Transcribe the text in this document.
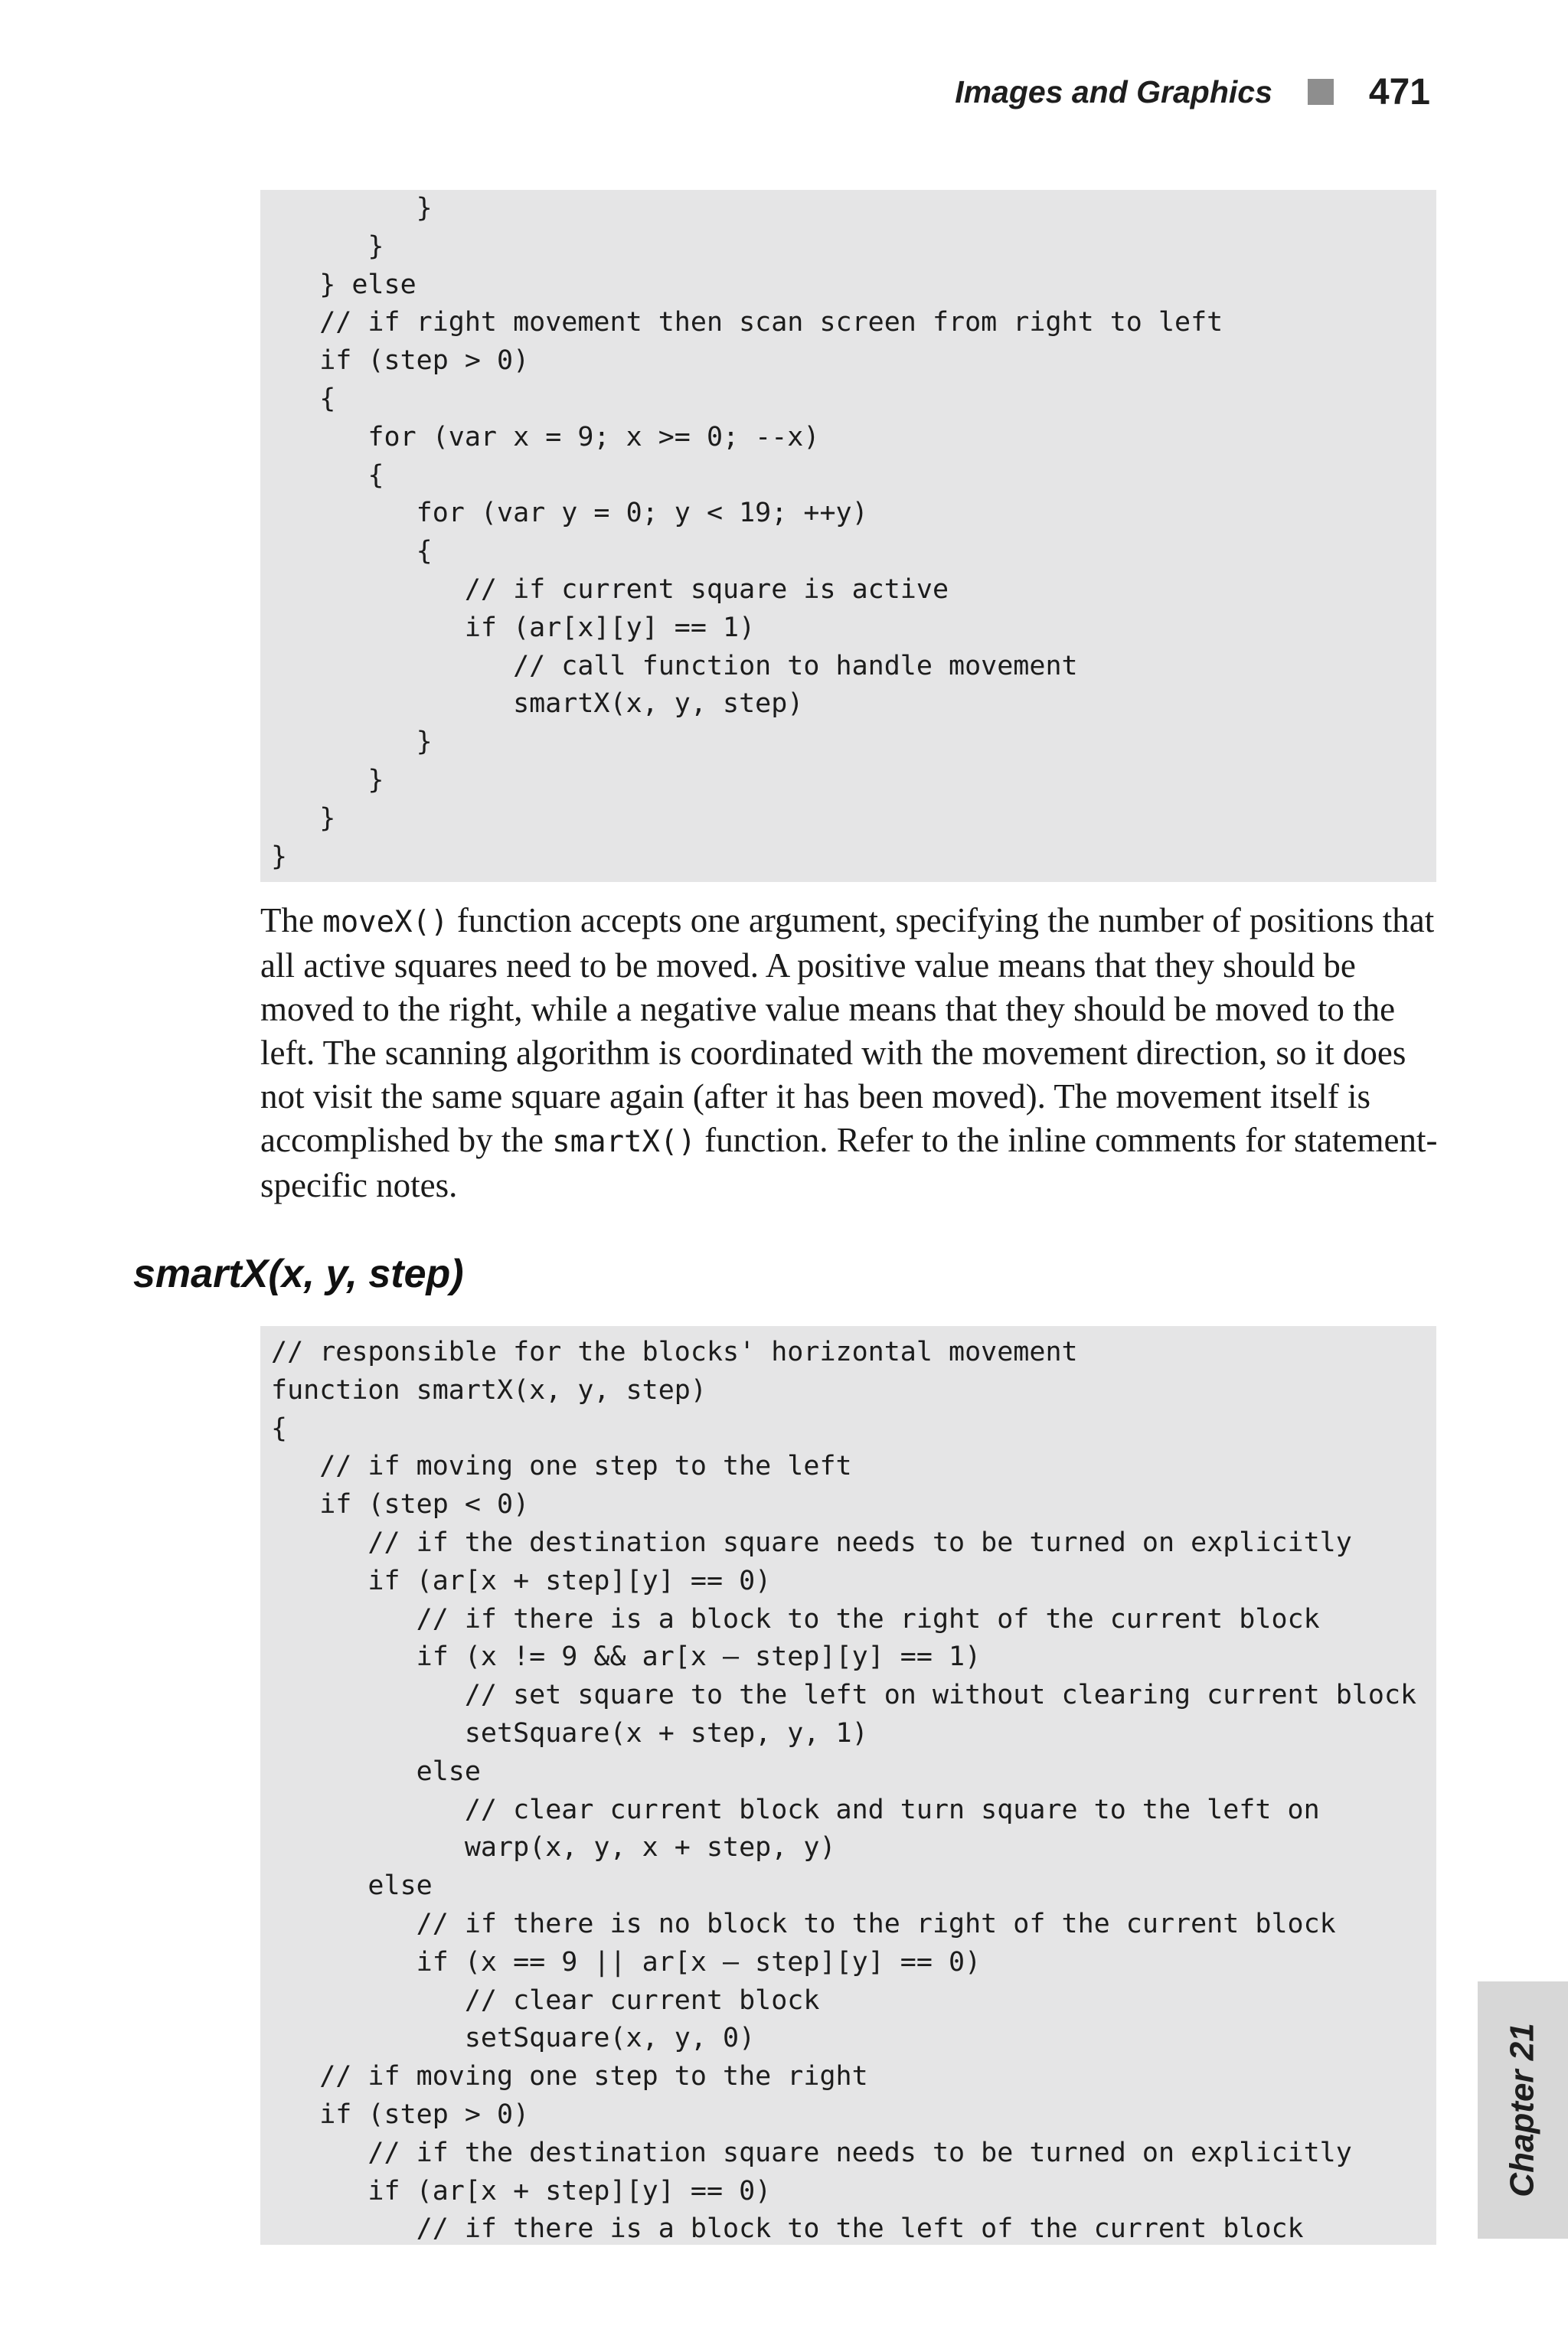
Images and Graphics	471
}
}
} else
// if right movement then scan screen from right to left
if (step > 0)
{
for (var x = 9; x >= 0; --x)
{
for (var y = 0; y < 19; ++y)
{
// if current square is active
if (ar[x][y] == 1)
// call function to handle movement
smartX(x, y, step)
}
}
}
}

The moveX() function accepts one argument, specifying the number of positions that all active squares need to be moved. A positive value means that they should be moved to the right, while a negative value means that they should be moved to the left. The scanning algorithm is coordinated with the movement direction, so it does not visit the same square again (after it has been moved). The movement itself is accomplished by the smartX() function. Refer to the inline comments for statement-specific notes.

smartX(x, y, step)
// responsible for the blocks' horizontal movement
function smartX(x, y, step)
{
// if moving one step to the left
if (step < 0)
// if the destination square needs to be turned on explicitly
if (ar[x + step][y] == 0)
// if there is a block to the right of the current block
if (x != 9 && ar[x – step][y] == 1)
// set square to the left on without clearing current block
setSquare(x + step, y, 1)
else
// clear current block and turn square to the left on
warp(x, y, x + step, y)
else
// if there is no block to the right of the current block
if (x == 9 || ar[x – step][y] == 0)
// clear current block
setSquare(x, y, 0)
// if moving one step to the right
if (step > 0)
// if the destination square needs to be turned on explicitly
if (ar[x + step][y] == 0)
// if there is a block to the left of the current block
Chapter 21
